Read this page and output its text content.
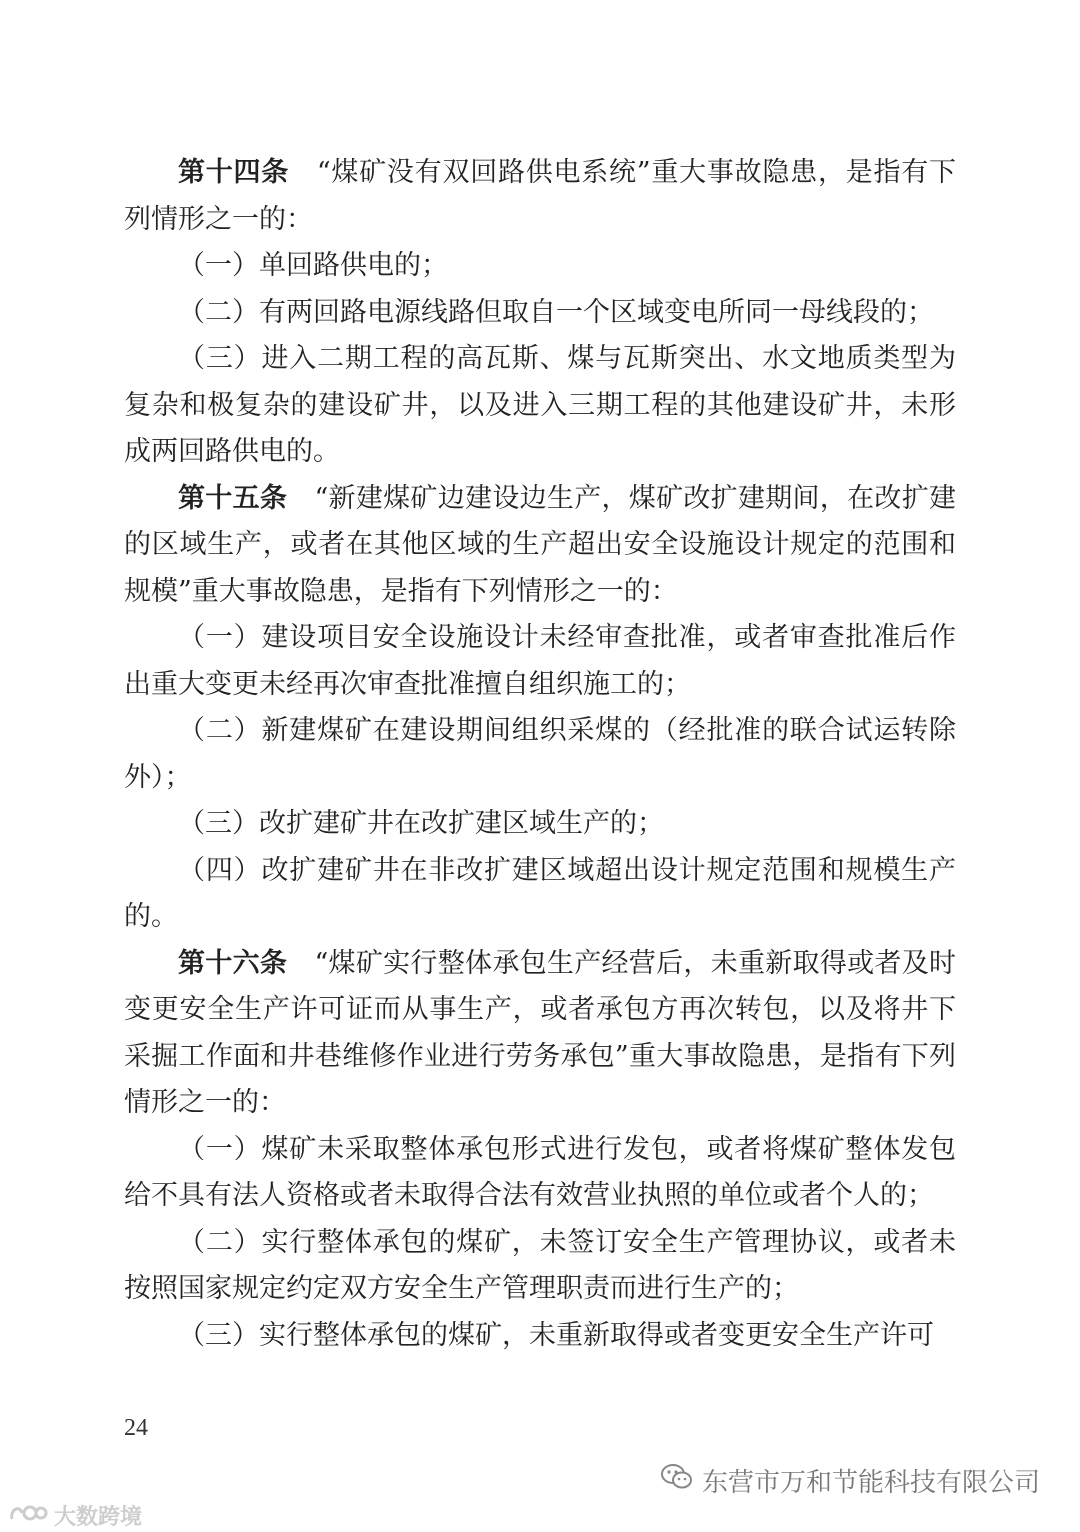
第十四条　“煤矿没有双回路供电系统”重大事故隐患，是指有下列情形之一的：

（一）单回路供电的；

（二）有两回路电源线路但取自一个区域变电所同一母线段的；

（三）进入二期工程的高瓦斯、煤与瓦斯突出、水文地质类型为复杂和极复杂的建设矿井，以及进入三期工程的其他建设矿井，未形成两回路供电的。

第十五条　“新建煤矿边建设边生产，煤矿改扩建期间，在改扩建的区域生产，或者在其他区域的生产超出安全设施设计规定的范围和规模”重大事故隐患，是指有下列情形之一的：

（一）建设项目安全设施设计未经审查批准，或者审查批准后作出重大变更未经再次审查批准擅自组织施工的；

（二）新建煤矿在建设期间组织采煤的（经批准的联合试运转除外）；

（三）改扩建矿井在改扩建区域生产的；

（四）改扩建矿井在非改扩建区域超出设计规定范围和规模生产的。

第十六条　“煤矿实行整体承包生产经营后，未重新取得或者及时变更安全生产许可证而从事生产，或者承包方再次转包，以及将井下采掘工作面和井巷维修作业进行劳务承包”重大事故隐患，是指有下列情形之一的：

（一）煤矿未采取整体承包形式进行发包，或者将煤矿整体发包给不具有法人资格或者未取得合法有效营业执照的单位或者个人的；

（二）实行整体承包的煤矿，未签订安全生产管理协议，或者未按照国家规定约定双方安全生产管理职责而进行生产的；

（三）实行整体承包的煤矿，未重新取得或者变更安全生产许可

24
东营市万和节能科技有限公司
大数跨境
